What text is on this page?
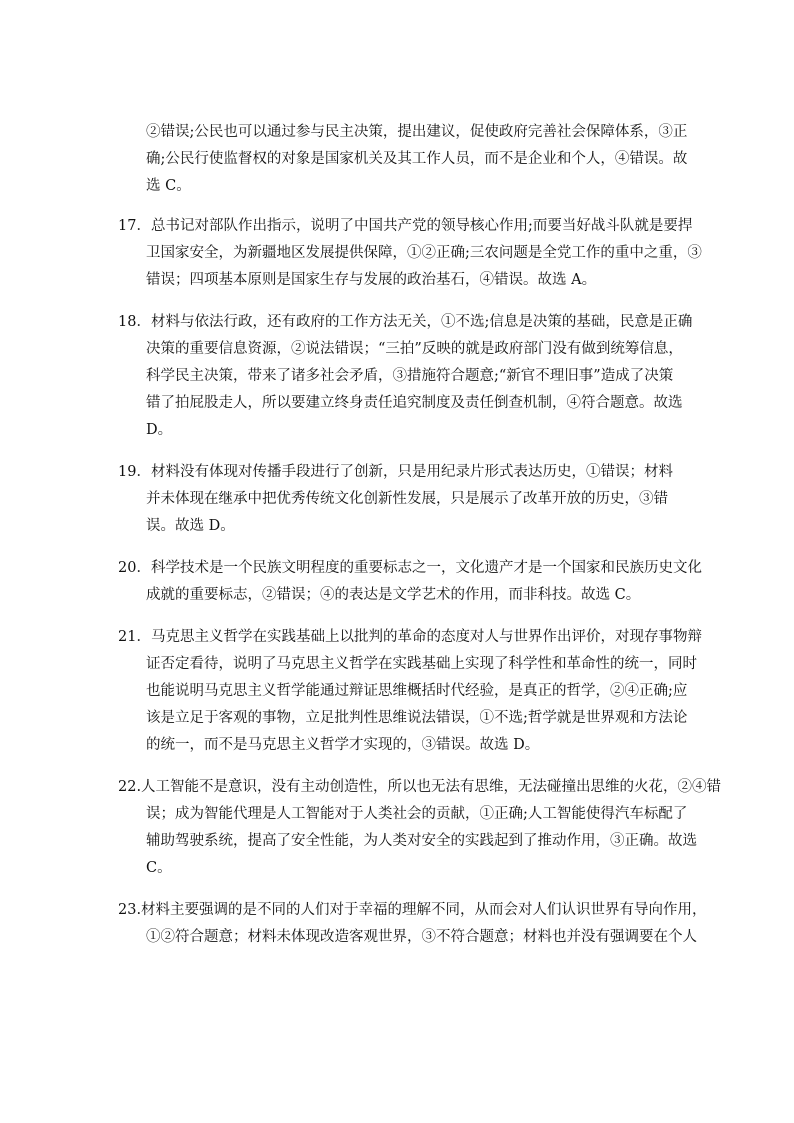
②错误;公民也可以通过参与民主决策，提出建议，促使政府完善社会保障体系，③正
确;公民行使监督权的对象是国家机关及其工作人员，而不是企业和个人，④错误。故
选 C。
17．总书记对部队作出指示，说明了中国共产党的领导核心作用;而要当好战斗队就是要捍
卫国家安全，为新疆地区发展提供保障，①②正确;三农问题是全党工作的重中之重，③
错误；四项基本原则是国家生存与发展的政治基石，④错误。故选 A。
18．材料与依法行政，还有政府的工作方法无关，①不选;信息是决策的基础，民意是正确
决策的重要信息资源，②说法错误；“三拍”反映的就是政府部门没有做到统筹信息，
科学民主决策，带来了诸多社会矛盾，③措施符合题意;“新官不理旧事”造成了决策
错了拍屁股走人，所以要建立终身责任追究制度及责任倒查机制，④符合题意。故选
D。
19．材料没有体现对传播手段进行了创新，只是用纪录片形式表达历史，①错误；材料
并未体现在继承中把优秀传统文化创新性发展，只是展示了改革开放的历史，③错
误。故选 D。
20．科学技术是一个民族文明程度的重要标志之一，文化遗产才是一个国家和民族历史文化
成就的重要标志，②错误；④的表达是文学艺术的作用，而非科技。故选 C。
21．马克思主义哲学在实践基础上以批判的革命的态度对人与世界作出评价，对现存事物辩
证否定看待，说明了马克思主义哲学在实践基础上实现了科学性和革命性的统一，同时
也能说明马克思主义哲学能通过辩证思维概括时代经验，是真正的哲学，②④正确;应
该是立足于客观的事物，立足批判性思维说法错误，①不选;哲学就是世界观和方法论
的统一，而不是马克思主义哲学才实现的，③错误。故选 D。
22.人工智能不是意识，没有主动创造性，所以也无法有思维，无法碰撞出思维的火花，②④错
误；成为智能代理是人工智能对于人类社会的贡献，①正确;人工智能使得汽车标配了
辅助驾驶系统，提高了安全性能，为人类对安全的实践起到了推动作用，③正确。故选
C。
23.材料主要强调的是不同的人们对于幸福的理解不同，从而会对人们认识世界有导向作用，
①②符合题意；材料未体现改造客观世界，③不符合题意；材料也并没有强调要在个人
